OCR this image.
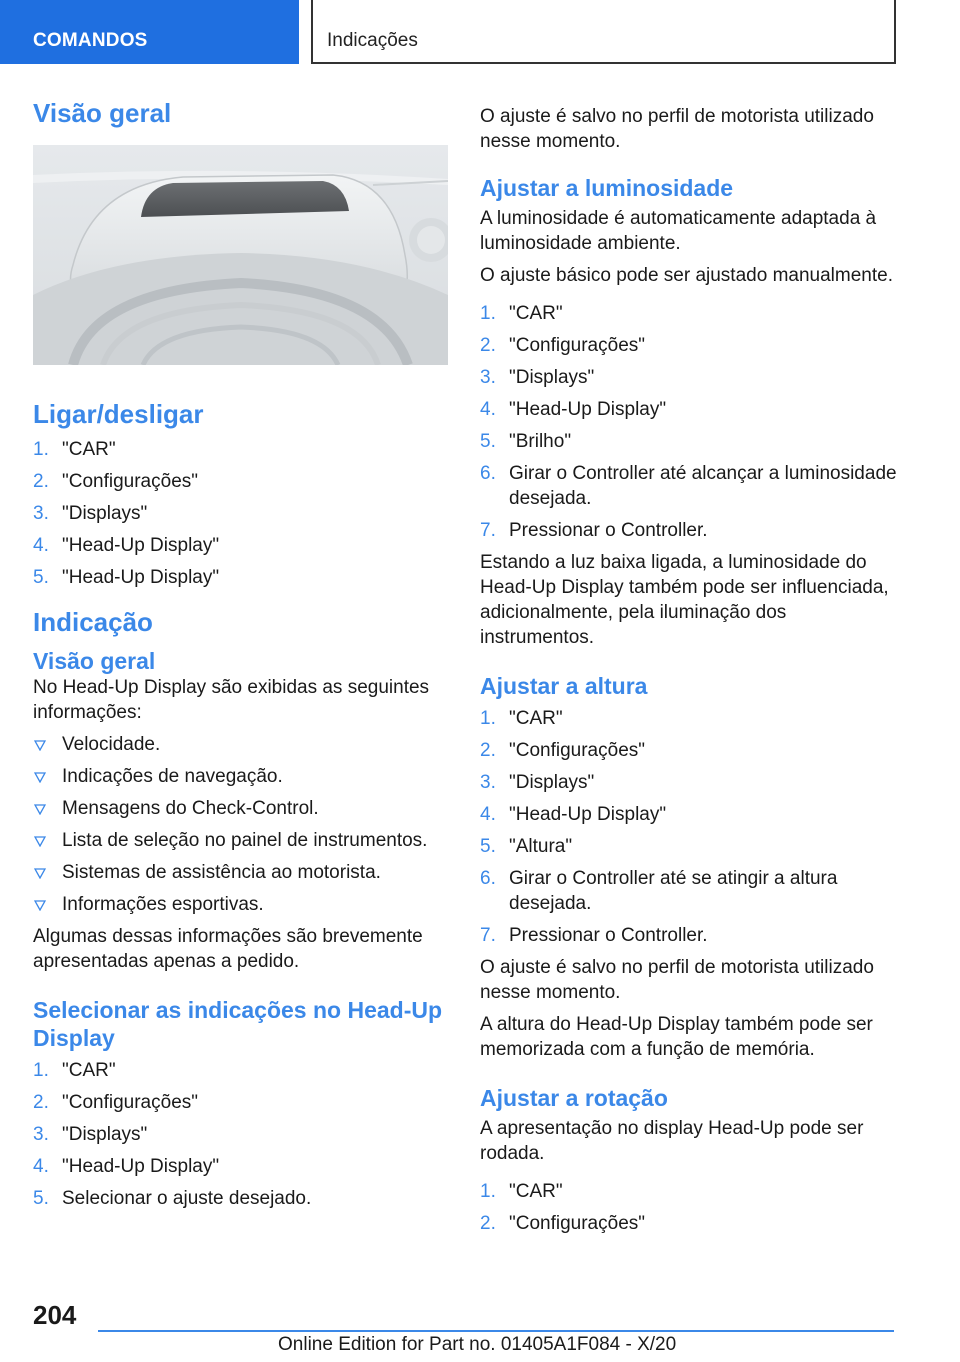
COMANDOS	Indicações
Visão geral
Ligar/desligar
1. "CAR"
2. "Configurações"
3. "Displays"
4. "Head-Up Display"
5. "Head-Up Display"
Indicação
Visão geral

No Head-Up Display são exibidas as seguintes informações:

Velocidade.
Indicações de navegação.
Mensagens do Check-Control.
Lista de seleção no painel de instrumentos.
Sistemas de assistência ao motorista.
Informações esportivas.

Algumas dessas informações são brevemente apresentadas apenas a pedido.

Selecionar as indicações no Head-Up Display
1. "CAR"
2. "Configurações"
3. "Displays"
4. "Head-Up Display"
5. Selecionar o ajuste desejado.

O ajuste é salvo no perfil de motorista utilizado nesse momento.

Ajustar a luminosidade

A luminosidade é automaticamente adaptada à luminosidade ambiente.

O ajuste básico pode ser ajustado manualmente.

1. "CAR"
2. "Configurações"
3. "Displays"
4. "Head-Up Display"
5. "Brilho"
6. Girar o Controller até alcançar a luminosidade desejada.
7. Pressionar o Controller.

Estando a luz baixa ligada, a luminosidade do Head-Up Display também pode ser influenciada, adicionalmente, pela iluminação dos instrumentos.

Ajustar a altura
1. "CAR"
2. "Configurações"
3. "Displays"
4. "Head-Up Display"
5. "Altura"
6. Girar o Controller até se atingir a altura desejada.
7. Pressionar o Controller.

O ajuste é salvo no perfil de motorista utilizado nesse momento.

A altura do Head-Up Display também pode ser memorizada com a função de memória.

Ajustar a rotação

A apresentação no display Head-Up pode ser rodada.

1. "CAR"
2. "Configurações"
204
Online Edition for Part no. 01405A1F084 - X/20
